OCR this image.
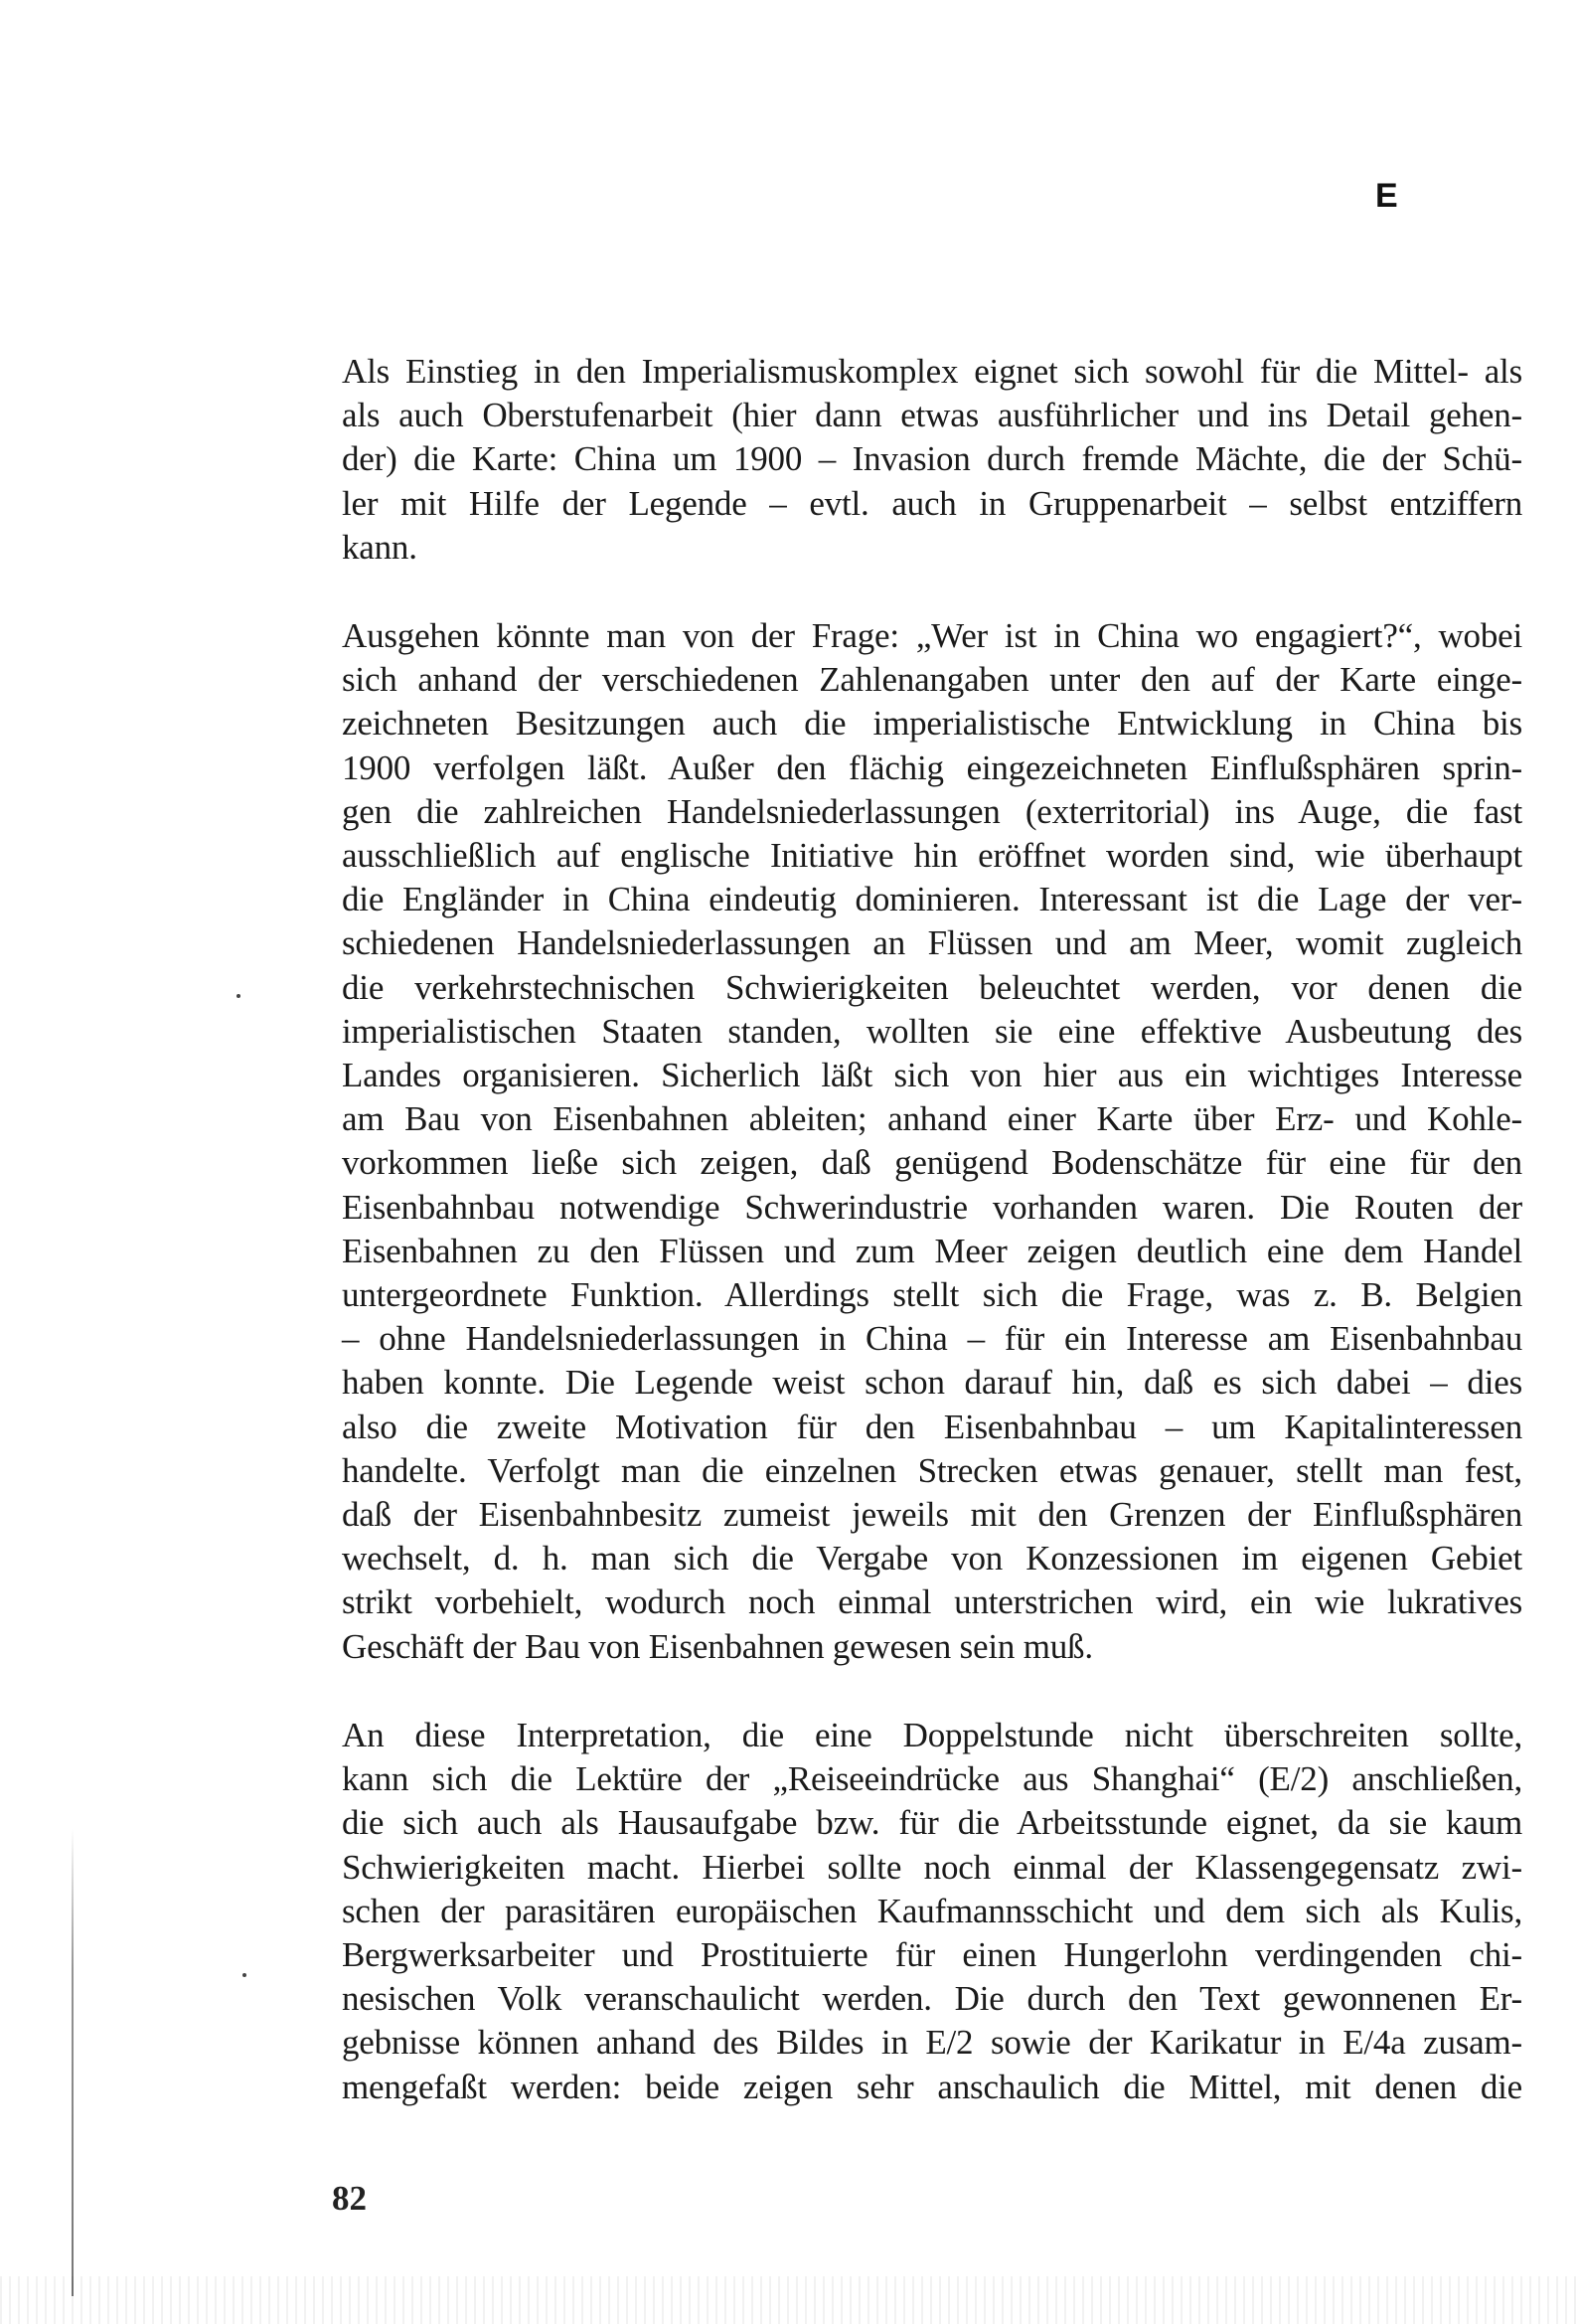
E
Als Einstieg in den Imperialismuskomplex eignet sich sowohl für die Mittel- als
als auch Oberstufenarbeit (hier dann etwas ausführlicher und ins Detail gehen-
der) die Karte: China um 1900 – Invasion durch fremde Mächte, die der Schü-
ler mit Hilfe der Legende – evtl. auch in Gruppenarbeit – selbst entziffern
kann.
Ausgehen könnte man von der Frage: „Wer ist in China wo engagiert?“, wobei
sich anhand der verschiedenen Zahlenangaben unter den auf der Karte einge-
zeichneten Besitzungen auch die imperialistische Entwicklung in China bis
1900 verfolgen läßt. Außer den flächig eingezeichneten Einflußsphären sprin-
gen die zahlreichen Handelsniederlassungen (exterritorial) ins Auge, die fast
ausschließlich auf englische Initiative hin eröffnet worden sind, wie überhaupt
die Engländer in China eindeutig dominieren. Interessant ist die Lage der ver-
schiedenen Handelsniederlassungen an Flüssen und am Meer, womit zugleich
die verkehrstechnischen Schwierigkeiten beleuchtet werden, vor denen die
imperialistischen Staaten standen, wollten sie eine effektive Ausbeutung des
Landes organisieren. Sicherlich läßt sich von hier aus ein wichtiges Interesse
am Bau von Eisenbahnen ableiten; anhand einer Karte über Erz- und Kohle-
vorkommen ließe sich zeigen, daß genügend Bodenschätze für eine für den
Eisenbahnbau notwendige Schwerindustrie vorhanden waren. Die Routen der
Eisenbahnen zu den Flüssen und zum Meer zeigen deutlich eine dem Handel
untergeordnete Funktion. Allerdings stellt sich die Frage, was z. B. Belgien
– ohne Handelsniederlassungen in China – für ein Interesse am Eisenbahnbau
haben konnte. Die Legende weist schon darauf hin, daß es sich dabei – dies
also die zweite Motivation für den Eisenbahnbau – um Kapitalinteressen
handelte. Verfolgt man die einzelnen Strecken etwas genauer, stellt man fest,
daß der Eisenbahnbesitz zumeist jeweils mit den Grenzen der Einflußsphären
wechselt, d. h. man sich die Vergabe von Konzessionen im eigenen Gebiet
strikt vorbehielt, wodurch noch einmal unterstrichen wird, ein wie lukratives
Geschäft der Bau von Eisenbahnen gewesen sein muß.
An diese Interpretation, die eine Doppelstunde nicht überschreiten sollte,
kann sich die Lektüre der „Reiseeindrücke aus Shanghai“ (E/2) anschließen,
die sich auch als Hausaufgabe bzw. für die Arbeitsstunde eignet, da sie kaum
Schwierigkeiten macht. Hierbei sollte noch einmal der Klassengegensatz zwi-
schen der parasitären europäischen Kaufmannsschicht und dem sich als Kulis,
Bergwerksarbeiter und Prostituierte für einen Hungerlohn verdingenden chi-
nesischen Volk veranschaulicht werden. Die durch den Text gewonnenen Er-
gebnisse können anhand des Bildes in E/2 sowie der Karikatur in E/4a zusam-
mengefaßt werden: beide zeigen sehr anschaulich die Mittel, mit denen die
82
